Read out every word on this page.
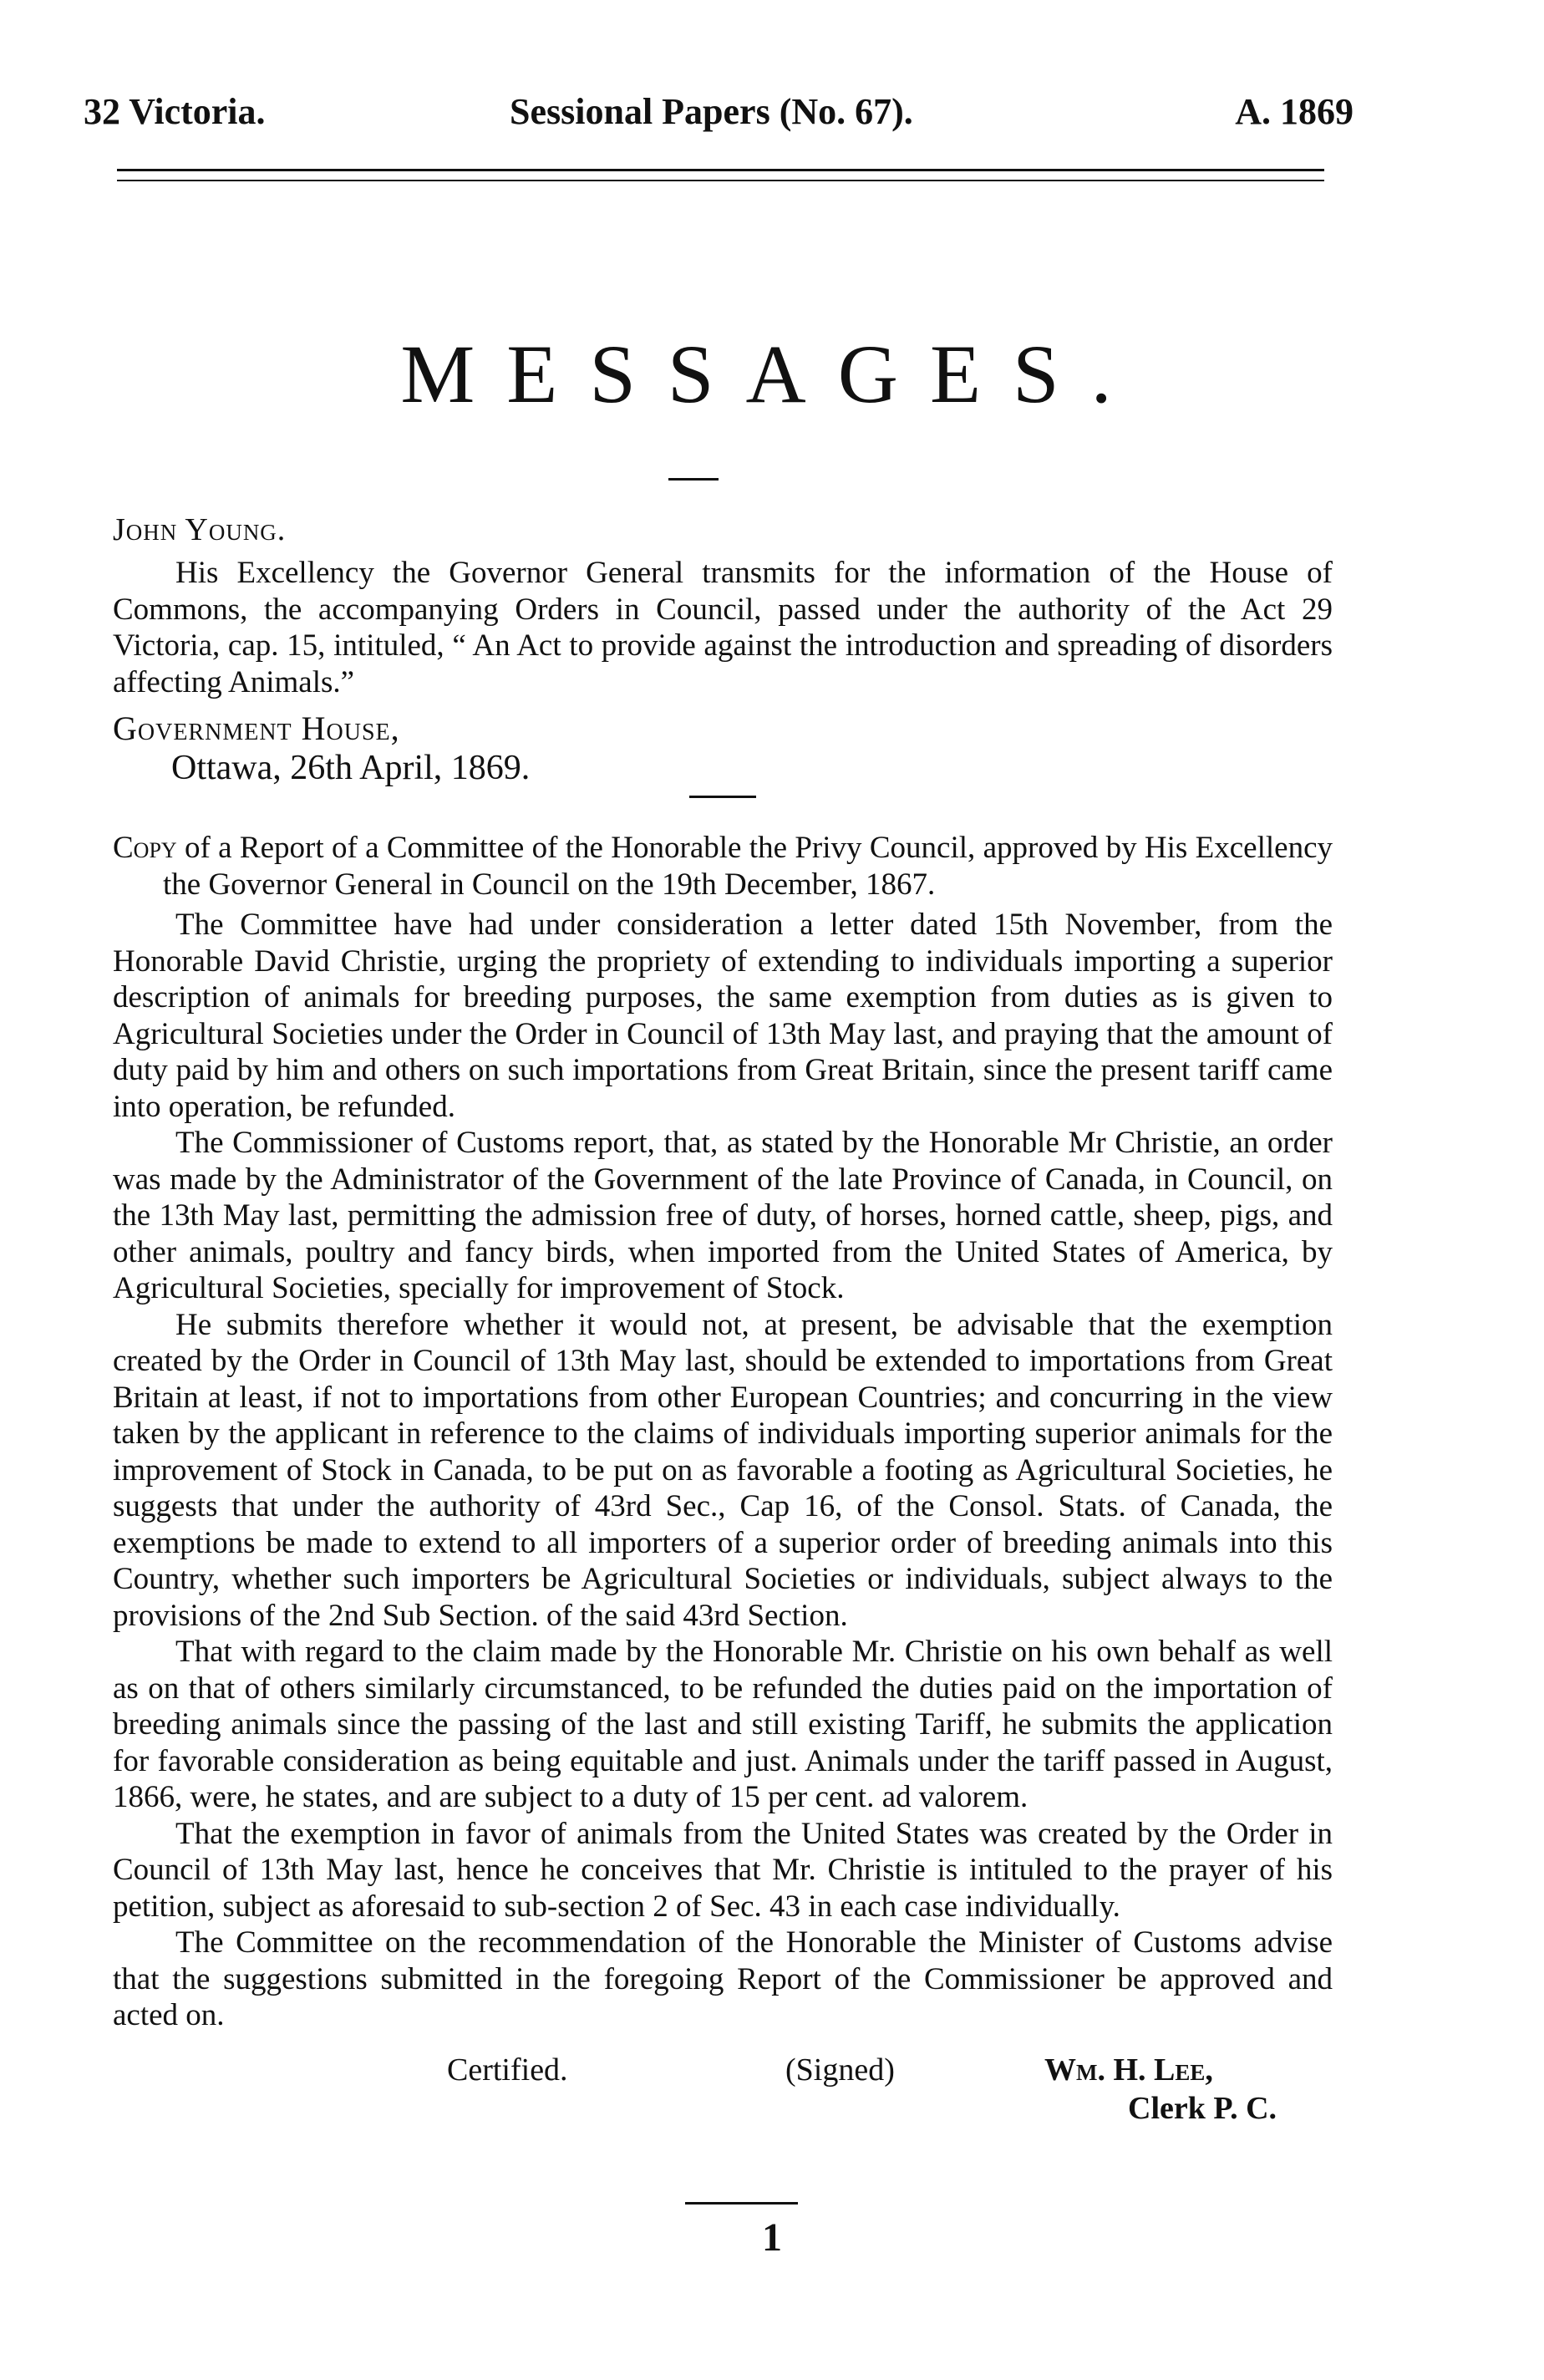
32 Victoria.	Sessional Papers (No. 67).	A. 1869
MESSAGES.
John Young.
His Excellency the Governor General transmits for the information of the House of Commons, the accompanying Orders in Council, passed under the authority of the Act 29 Victoria, cap. 15, intituled, “ An Act to provide against the introduction and spreading of disorders affecting Animals.”
Government House,
Ottawa, 26th April, 1869.
Copy of a Report of a Committee of the Honorable the Privy Council, approved by His Excellency the Governor General in Council on the 19th December, 1867.

The Committee have had under consideration a letter dated 15th November, from the Honorable David Christie, urging the propriety of extending to individuals importing a superior description of animals for breeding purposes, the same exemption from duties as is given to Agricultural Societies under the Order in Council of 13th May last, and praying that the amount of duty paid by him and others on such importations from Great Britain, since the present tariff came into operation, be refunded.

The Commissioner of Customs report, that, as stated by the Honorable Mr Christie, an order was made by the Administrator of the Government of the late Province of Canada, in Council, on the 13th May last, permitting the admission free of duty, of horses, horned cattle, sheep, pigs, and other animals, poultry and fancy birds, when imported from the United States of America, by Agricultural Societies, specially for improvement of Stock.

He submits therefore whether it would not, at present, be advisable that the exemption created by the Order in Council of 13th May last, should be extended to importations from Great Britain at least, if not to importations from other European Countries; and concurring in the view taken by the applicant in reference to the claims of individuals importing superior animals for the improvement of Stock in Canada, to be put on as favorable a footing as Agricultural Societies, he suggests that under the authority of 43rd Sec., Cap 16, of the Consol. Stats. of Canada, the exemptions be made to extend to all importers of a superior order of breeding animals into this Country, whether such importers be Agricultural Societies or individuals, subject always to the provisions of the 2nd Sub Section. of the said 43rd Section.

That with regard to the claim made by the Honorable Mr. Christie on his own behalf as well as on that of others similarly circumstanced, to be refunded the duties paid on the importation of breeding animals since the passing of the last and still existing Tariff, he submits the application for favorable consideration as being equitable and just. Animals under the tariff passed in August, 1866, were, he states, and are subject to a duty of 15 per cent. ad valorem.

That the exemption in favor of animals from the United States was created by the Order in Council of 13th May last, hence he conceives that Mr. Christie is intituled to the prayer of his petition, subject as aforesaid to sub-section 2 of Sec. 43 in each case individually.

The Committee on the recommendation of the Honorable the Minister of Customs advise that the suggestions submitted in the foregoing Report of the Commissioner be approved and acted on.

Certified.	(Signed)	Wm. H. Lee,
Clerk P. C.
1
